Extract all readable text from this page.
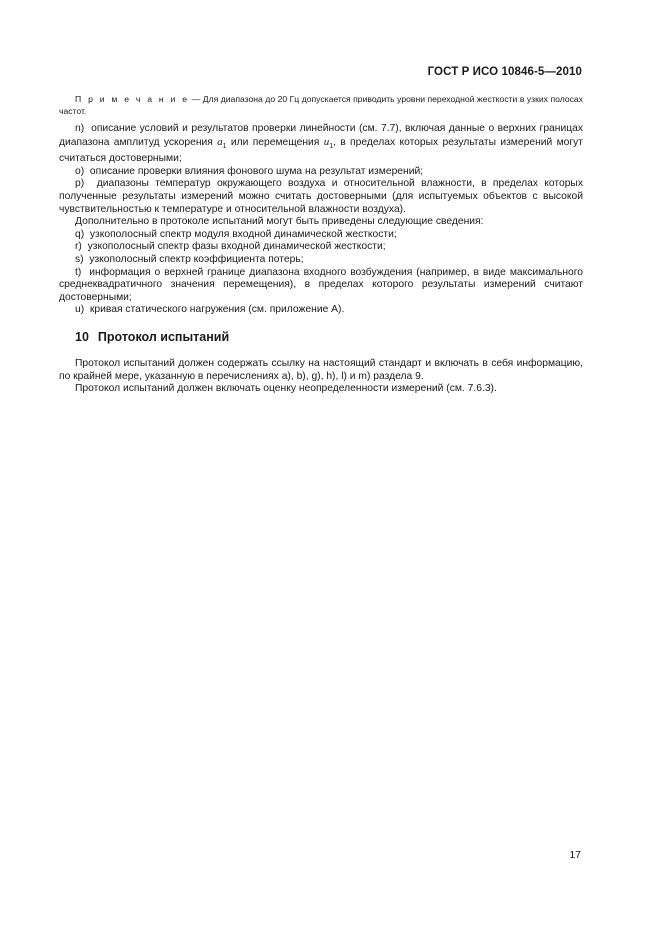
ГОСТ Р ИСО 10846-5—2010
П р и м е ч а н и е — Для диапазона до 20 Гц допускается приводить уровни переходной жесткости в узких полосах частот.

n) описание условий и результатов проверки линейности (см. 7.7), включая данные о верхних границах диапазона амплитуд ускорения $a_1$ или перемещения $u_1$, в пределах которых результаты измерений могут считаться достоверными;

o) описание проверки влияния фонового шума на результат измерений;

p) диапазоны температур окружающего воздуха и относительной влажности, в пределах которых полученные результаты измерений можно считать достоверными (для испытуемых объектов с высокой чувствительностью к температуре и относительной влажности воздуха).

Дополнительно в протоколе испытаний могут быть приведены следующие сведения:

q) узкополосный спектр модуля входной динамической жесткости;

r) узкополосный спектр фазы входной динамической жесткости;

s) узкополосный спектр коэффициента потерь;

t) информация о верхней границе диапазона входного возбуждения (например, в виде максимального среднеквадратичного значения перемещения), в пределах которого результаты измерений считают достоверными;

u) кривая статического нагружения (см. приложение А).

10 Протокол испытаний

Протокол испытаний должен содержать ссылку на настоящий стандарт и включать в себя информацию, по крайней мере, указанную в перечислениях a), b), g), h), l) и m) раздела 9.

Протокол испытаний должен включать оценку неопределенности измерений (см. 7.6.3).

17
